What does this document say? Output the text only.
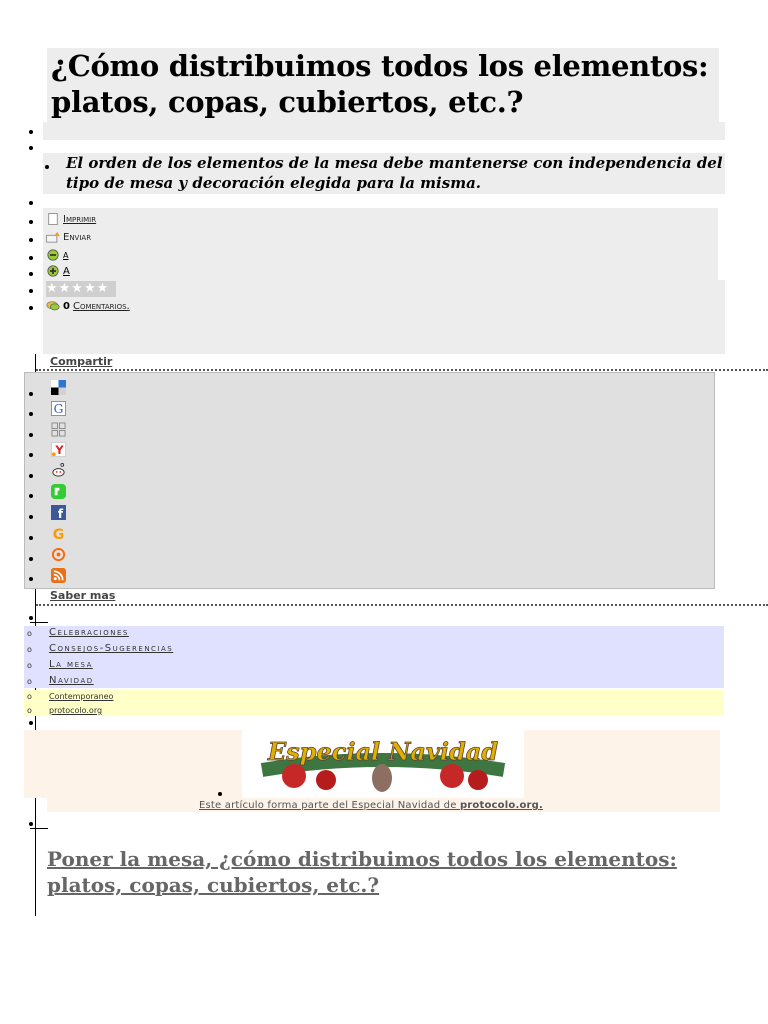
¿Cómo distribuimos todos los elementos: platos, copas, cubiertos, etc.?

El orden de los elementos de la mesa debe mantenerse con independencia del tipo de mesa y decoración elegida para la misma.

Imprimir
Enviar
A
A
★★★★★
0 Comentarios.
Compartir
G
Y
f
G
Saber mas
o Celebraciones
o Consejos-Sugerencias
o La mesa
o Navidad
o Contemporaneo
o protocolo.org
Especial Navidad
Este artículo forma parte del Especial Navidad de protocolo.org.
Poner la mesa, ¿cómo distribuimos todos los elementos: platos, copas, cubiertos, etc.?
